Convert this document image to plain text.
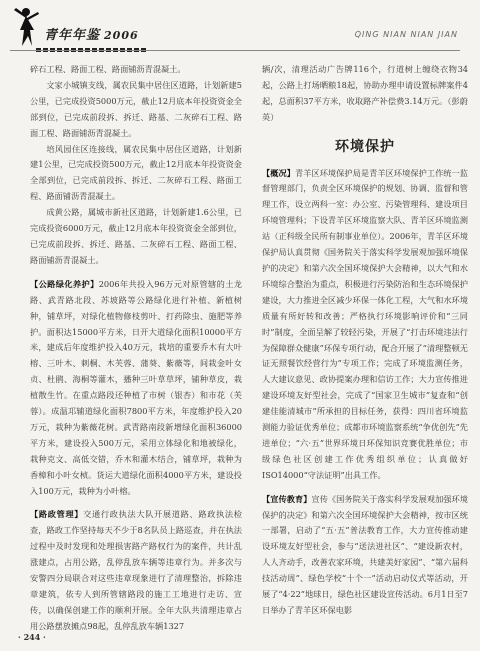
青年年鉴 2006	QING NIAN NIAN JIAN

碎石工程、路面工程、路面铺沥青混凝土。

文家小城镇支线，属农民集中居住区道路，计划新建5公里，已完成投资5000万元，截止12月底本年投资资金全部到位，已完成前段拆、拆迁、路基、二灰碎石工程、路面工程、路面铺沥青混凝土。

培风园住区连接线，属农民集中居住区道路，计划新建1公里，已完成投资500万元，截止12月底本年投资资金全部到位，已完成前段拆、拆迁、二灰碎石工程、路面工程、路面铺沥青混凝土。

成黄公路，属城市新社区道路，计划新建1.6公里，已完成投资6000万元，截止12月底本年投资资金全部到位，已完成前段拆、拆迁、路基、二灰碎石工程、路面工程、路面铺沥青混凝土。

【公路绿化养护】2006年共投入96万元对原管辖的土龙路、武青路北段、苏坡路等公路绿化进行补植、新植树种，铺草坪，对绿化植物修枝剪叶、打药除虫、施肥等养护。面积达15000平方米，日开大道绿化面积10000平方米，建成后年度维护投入40万元，栽培的重要乔木有大叶榕、三叶木、刺桐、木芙蓉、蒲葵、紫薇等，间栽金叶女贞、杜鹃、海桐等灌木，播种三叶草草坪，铺种草皮，栽植散生竹。在重点路段还种植了市树（银杏）和市花（芙蓉）。成温邛辅道绿化面积7800平方米，年度维护投入20万元，栽种为紫薇花树。武青路南段新增绿化面积36000平方米，建设投入500万元，采用立体绿化和地被绿化，栽种克文、高低交错，乔木和灌木结合，铺草坪，栽种为香樟和小叶女桢。货运大道绿化面积4000平方米，建设投入100万元，栽种为小叶榕。

【路政管理】交通行政执法大队开展道路、路政执法检查，路政工作坚持每天不少于8名队员上路巡查，并在执法过程中及时发现和处理损害路产路权行为的案件，共计乱涨建点，占用公路，乱停乱放车辆等违章行为。并多次与安警四分局联合对这些违章现象进行了清理整治，拆除违章建筑，依专人到所管辖路段的施工工地进行走访、宣传，以确保创建工作的顺利开展。全年大队共清理违章占用公路摆放摊点98起，乱停乱放车辆1327

辆/次，清理活动广告牌116个，行道树上缠绕衣物34起，公路上打场晒粮18起，协助办理申请设置标牌案件4起，总面积37平方米，收取路产补偿费3.14万元。（彭蔚英）

环境保护

【概况】青羊区环境保护局是青羊区环境保护工作统一监督管理部门，负责全区环境保护的规划、协调、监督和管理工作，设立两科一室：办公室、污染管理科、建设项目环境管理科；下设青羊区环境监察大队、青羊区环境监测站（正科级全民所有制事业单位）。2006年，青羊区环境保护局认真贯彻《国务院关于落实科学发展观加强环境保护的决定》和第六次全国环境保护大会精神，以大气和水环境综合整治为重点，积极进行污染防治和生态环境保护建设，大力推进全区减少环保一体化工程，大气和水环境质量有所好转和改善；严格执行环境影响评价和“三同时”制度，全面呈解了较轻污染，开展了“打击环境违法行为保障群众健康”环保专项行动，配合开展了“清理整顿无证无照餐饮经营行为”专项工作；完成了环境监测任务，人大建议意见、政协提案办理和信访工作；大力宣传推进建设环境友好型社会，完成了“国家卫生城市”复查和“创建佳能清城市”所承担的目标任务，获得：四川省环境监测能力验证优秀单位；成都市环境监察系统“争优创先”先进单位；“六·五”世界环境日环保知识竞赛优胜单位；市级绿色社区创建工作优秀组织单位；认真做好ISO14000“守法证明”出具工作。

【宣传教育】宣传《国务院关于落实科学发展观加强环境保护的决定》和第六次全国环境保护大会精神，按市区统一部署，启动了“五·五”普法教育工作，大力宣传推动建设环境友好型社会，参与“送法进社区”、“建设新农村，人人齐动手，改善农家环境，共建美好家园”、“第六届科技活动周”、绿色学校“十个一”活动启动仪式等活动，开展了“4·22”地球日，绿色社区建设宣传活动。6月1日至7日举办了青羊区环保电影

· 244 ·
